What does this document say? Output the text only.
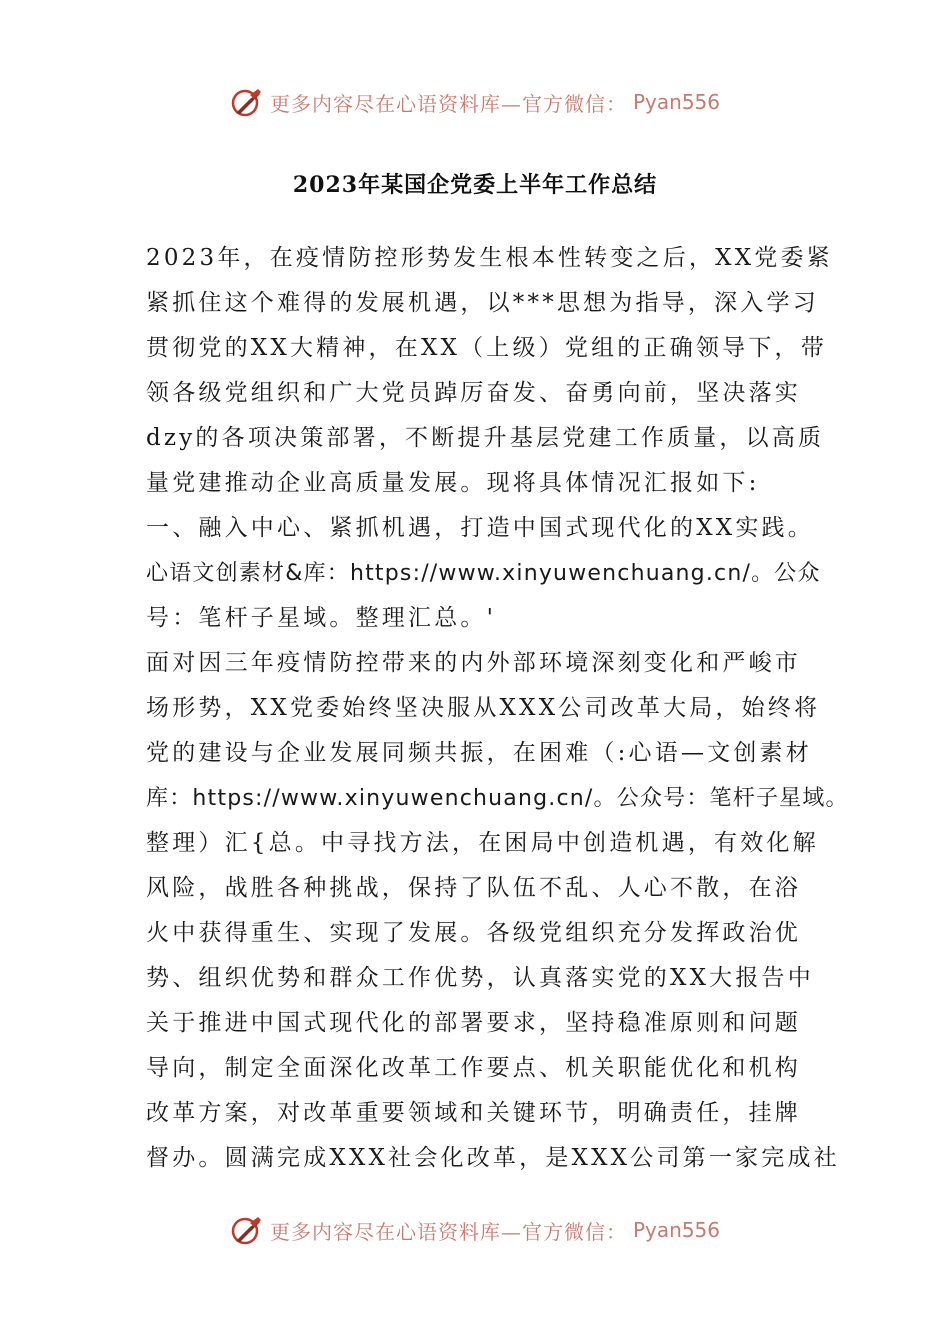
更多内容尽在心语资料库—官方微信： Pyan556
2023年某国企党委上半年工作总结
2023年，在疫情防控形势发生根本性转变之后，XX党委紧
紧抓住这个难得的发展机遇，以***思想为指导，深入学习
贯彻党的XX大精神，在XX（上级）党组的正确领导下，带
领各级党组织和广大党员踔厉奋发、奋勇向前，坚决落实
dzy的各项决策部署，不断提升基层党建工作质量，以高质
量党建推动企业高质量发展。现将具体情况汇报如下:
一、融入中心、紧抓机遇，打造中国式现代化的XX实践。
心语文创素材&库：https://www.xinyuwenchuang.cn/。公众
号：笔杆子星域。整理汇总。'
面对因三年疫情防控带来的内外部环境深刻变化和严峻市
场形势，XX党委始终坚决服从XXX公司改革大局，始终将
党的建设与企业发展同频共振，在困难（:心语—文创素材
库：https://www.xinyuwenchuang.cn/。公众号：笔杆子星域。
整理）汇{总。中寻找方法，在困局中创造机遇，有效化解
风险，战胜各种挑战，保持了队伍不乱、人心不散，在浴
火中获得重生、实现了发展。各级党组织充分发挥政治优
势、组织优势和群众工作优势，认真落实党的XX大报告中
关于推进中国式现代化的部署要求，坚持稳准原则和问题
导向，制定全面深化改革工作要点、机关职能优化和机构
改革方案，对改革重要领域和关键环节，明确责任，挂牌
督办。圆满完成XXX社会化改革，是XXX公司第一家完成社
更多内容尽在心语资料库—官方微信： Pyan556
